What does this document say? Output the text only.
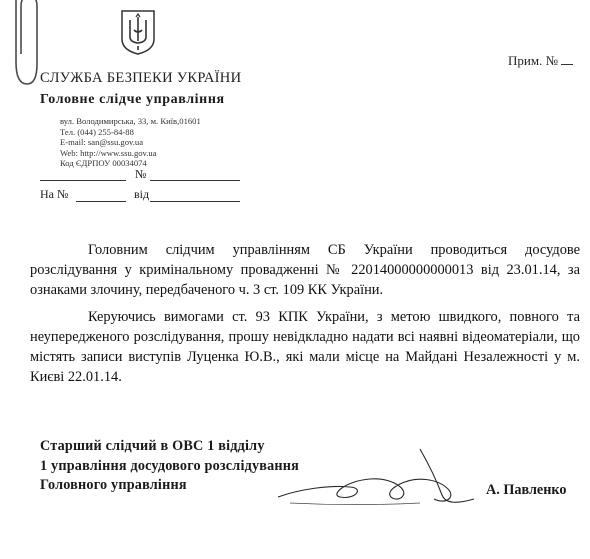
СЛУЖБА БЕЗПЕКИ УКРАЇНИ
Головне слідче управління
вул. Володимирська, 33, м. Київ,01601
Тел. (044) 255-84-88
E-mail: san@ssu.gov.ua
Web: http://www.ssu.gov.ua
Код ЄДРПОУ 00034074
Прим. №
№
На №	від

Головним слідчим управлінням СБ України проводиться досудове розслідування у кримінальному провадженні № 22014000000000013 від 23.01.14, за ознаками злочину, передбаченого ч. 3 ст. 109 КК України.

Керуючись вимогами ст. 93 КПК України, з метою швидкого, повного та неупередженого розслідування, прошу невідкладно надати всі наявні відеоматеріали, що містять записи виступів Луценка Ю.В., які мали місце на Майдані Незалежності у м. Києві 22.01.14.

Старший слідчий в ОВС 1 відділу
1 управління досудового розслідування
Головного управління	А. Павленко
